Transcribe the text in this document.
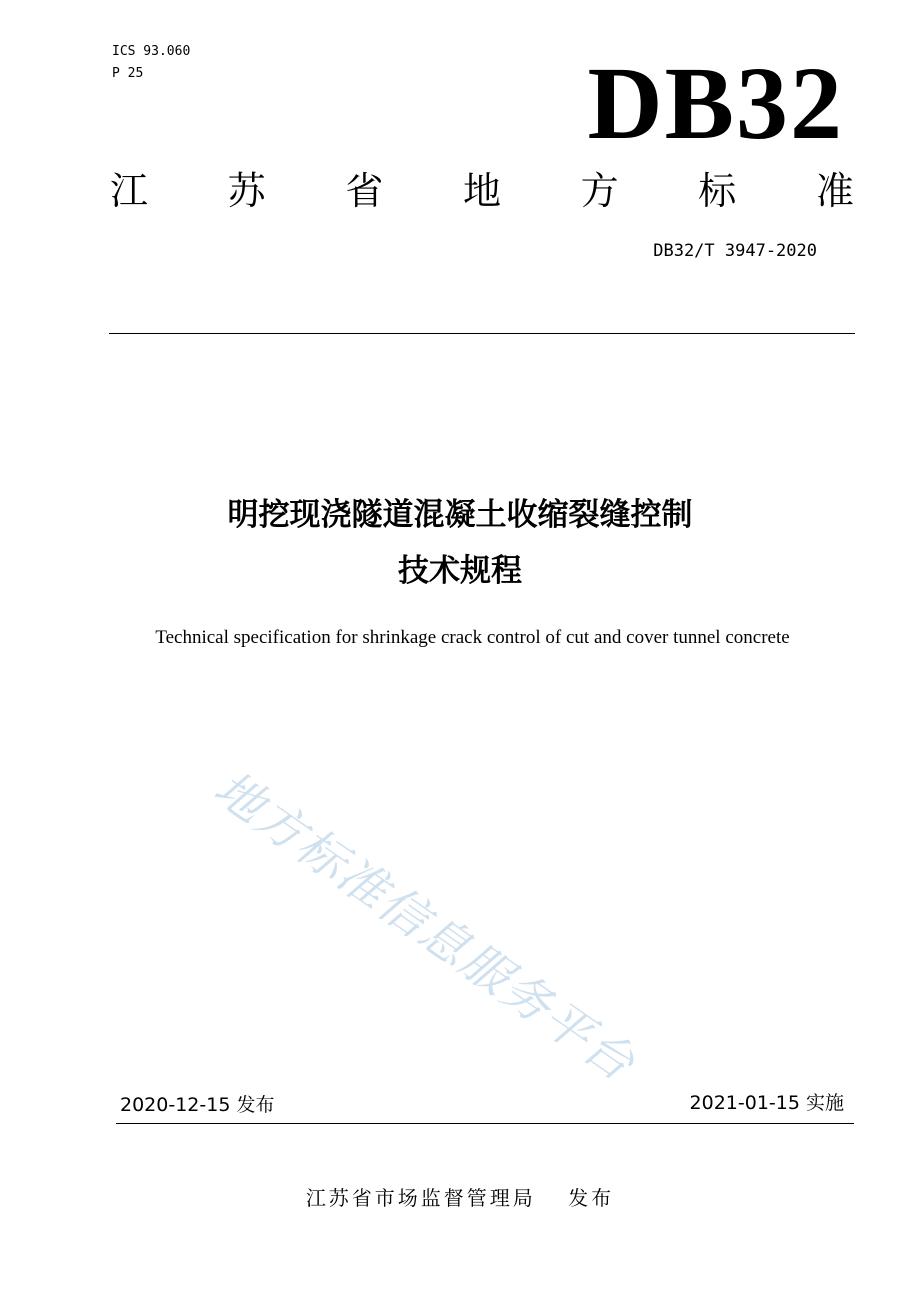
ICS 93.060
P 25	DB32
江 苏 省 地 方 标 准
DB32/T 3947-2020
明挖现浇隧道混凝土收缩裂缝控制
技术规程
Technical specification for shrinkage crack control of cut and cover tunnel concrete
地方标准信息服务平台
2020-12-15 发布	2021-01-15 实施
江苏省市场监督管理局　 发布
